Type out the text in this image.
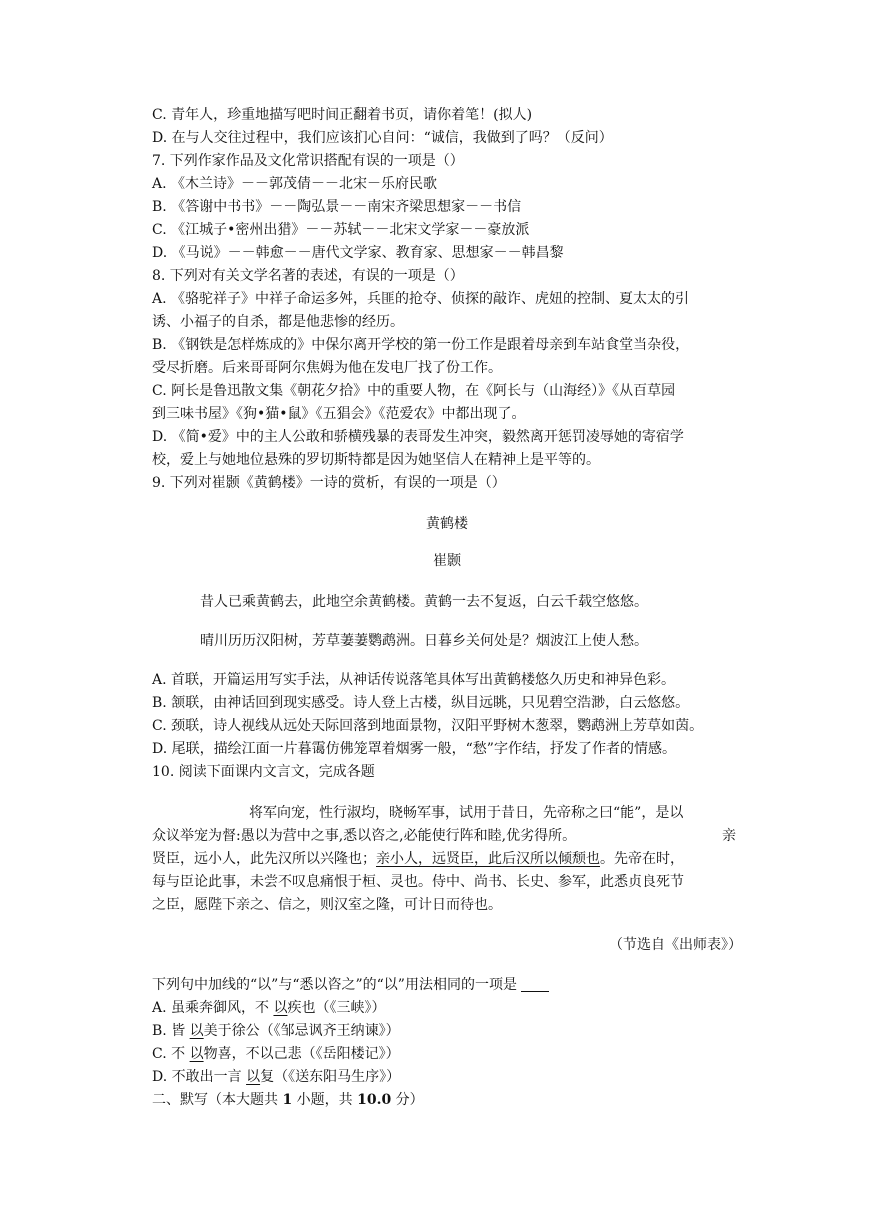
C. 青年人，珍重地描写吧时间正翻着书页，请你着笔！(拟人)
D. 在与人交往过程中，我们应该扪心自问：“诚信，我做到了吗？（反问）
7. 下列作家作品及文化常识搭配有误的一项是（）
A. 《木兰诗》－－郭茂倩－－北宋－乐府民歌
B. 《答谢中书书》－－陶弘景－－南宋齐梁思想家－－书信
C. 《江城子•密州出猎》－－苏轼－－北宋文学家－－豪放派
D. 《马说》－－韩愈－－唐代文学家、教育家、思想家－－韩昌黎
8. 下列对有关文学名著的表述，有误的一项是（）
A. 《骆驼祥子》中祥子命运多舛，兵匪的抢夺、侦探的敲诈、虎妞的控制、夏太太的引
诱、小福子的自杀，都是他悲惨的经历。
B. 《钢铁是怎样炼成的》中保尔离开学校的第一份工作是跟着母亲到车站食堂当杂役，
受尽折磨。后来哥哥阿尔焦姆为他在发电厂找了份工作。
C. 阿长是鲁迅散文集《朝花夕拾》中的重要人物，在《阿长与（山海经）》《从百草园
到三味书屋》《狗•猫•鼠》《五猖会》《范爱农》中都出现了。
D. 《简•爱》中的主人公敢和骄横残暴的表哥发生冲突，毅然离开惩罚凌辱她的寄宿学
校，爱上与她地位悬殊的罗切斯特都是因为她坚信人在精神上是平等的。
9. 下列对崔颢《黄鹤楼》一诗的赏析，有误的一项是（）
黄鹤楼
崔颢
昔人已乘黄鹤去，此地空余黄鹤楼。黄鹤一去不复返，白云千载空悠悠。
晴川历历汉阳树，芳草萋萋鹦鹉洲。日暮乡关何处是？烟波江上使人愁。
A. 首联，开篇运用写实手法，从神话传说落笔具体写出黄鹤楼悠久历史和神异色彩。
B. 颔联，由神话回到现实感受。诗人登上古楼，纵目远眺，只见碧空浩渺，白云悠悠。
C. 颈联，诗人视线从远处天际回落到地面景物，汉阳平野树木葱翠，鹦鹉洲上芳草如茵。
D. 尾联，描绘江面一片暮霭仿佛笼罩着烟雾一般，“愁”字作结，抒发了作者的情感。
10. 阅读下面课内文言文，完成各题
将军向宠，性行淑均，晓畅军事，试用于昔日，先帝称之曰“能”，是以
众议举宠为督:愚以为营中之事,悉以咨之,必能使行阵和睦,优劣得所。	亲
贤臣，远小人，此先汉所以兴隆也；亲小人，远贤臣，此后汉所以倾颓也。先帝在时，
每与臣论此事，未尝不叹息痛恨于桓、灵也。侍中、尚书、长史、参军，此悉贞良死节
之臣，愿陛下亲之、信之，则汉室之隆，可计日而待也。
（节选自《出师表》）
下列句中加线的“以”与“悉以咨之”的“以”用法相同的一项是
A. 虽乘奔御风，不 以疾也（《三峡》）
B. 皆 以美于徐公（《邹忌讽齐王纳谏》）
C. 不 以物喜，不以己悲（《岳阳楼记》）
D. 不敢出一言 以复（《送东阳马生序》）
二、默写（本大题共 1 小题，共 10.0 分）
